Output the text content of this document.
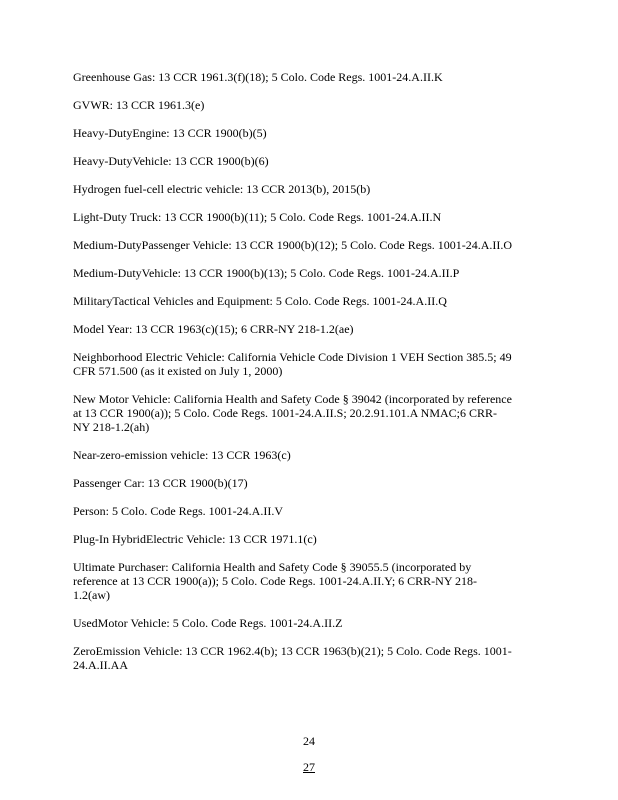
Greenhouse Gas: 13 CCR 1961.3(f)(18); 5 Colo. Code Regs. 1001-24.A.II.K
GVWR: 13 CCR 1961.3(e)
Heavy-DutyEngine: 13 CCR 1900(b)(5)
Heavy-DutyVehicle: 13 CCR 1900(b)(6)
Hydrogen fuel-cell electric vehicle: 13 CCR 2013(b), 2015(b)
Light-Duty Truck: 13 CCR 1900(b)(11); 5 Colo. Code Regs. 1001-24.A.II.N
Medium-DutyPassenger Vehicle: 13 CCR 1900(b)(12); 5 Colo. Code Regs. 1001-24.A.II.O
Medium-DutyVehicle: 13 CCR 1900(b)(13); 5 Colo. Code Regs. 1001-24.A.II.P
MilitaryTactical Vehicles and Equipment: 5 Colo. Code Regs. 1001-24.A.II.Q
Model Year: 13 CCR 1963(c)(15); 6 CRR-NY 218-1.2(ae)
Neighborhood Electric Vehicle: California Vehicle Code Division 1 VEH Section 385.5; 49 CFR 571.500 (as it existed on July 1, 2000)
New Motor Vehicle: California Health and Safety Code § 39042 (incorporated by reference at 13 CCR 1900(a)); 5 Colo. Code Regs. 1001-24.A.II.S; 20.2.91.101.A NMAC;6 CRR-NY 218-1.2(ah)
Near-zero-emission vehicle: 13 CCR 1963(c)
Passenger Car: 13 CCR 1900(b)(17)
Person: 5 Colo. Code Regs. 1001-24.A.II.V
Plug-In HybridElectric Vehicle: 13 CCR 1971.1(c)
Ultimate Purchaser: California Health and Safety Code § 39055.5 (incorporated by reference at 13 CCR 1900(a)); 5 Colo. Code Regs. 1001-24.A.II.Y; 6 CRR-NY 218-1.2(aw)
UsedMotor Vehicle: 5 Colo. Code Regs. 1001-24.A.II.Z
ZeroEmission Vehicle: 13 CCR 1962.4(b); 13 CCR 1963(b)(21); 5 Colo. Code Regs. 1001-24.A.II.AA

24

27
